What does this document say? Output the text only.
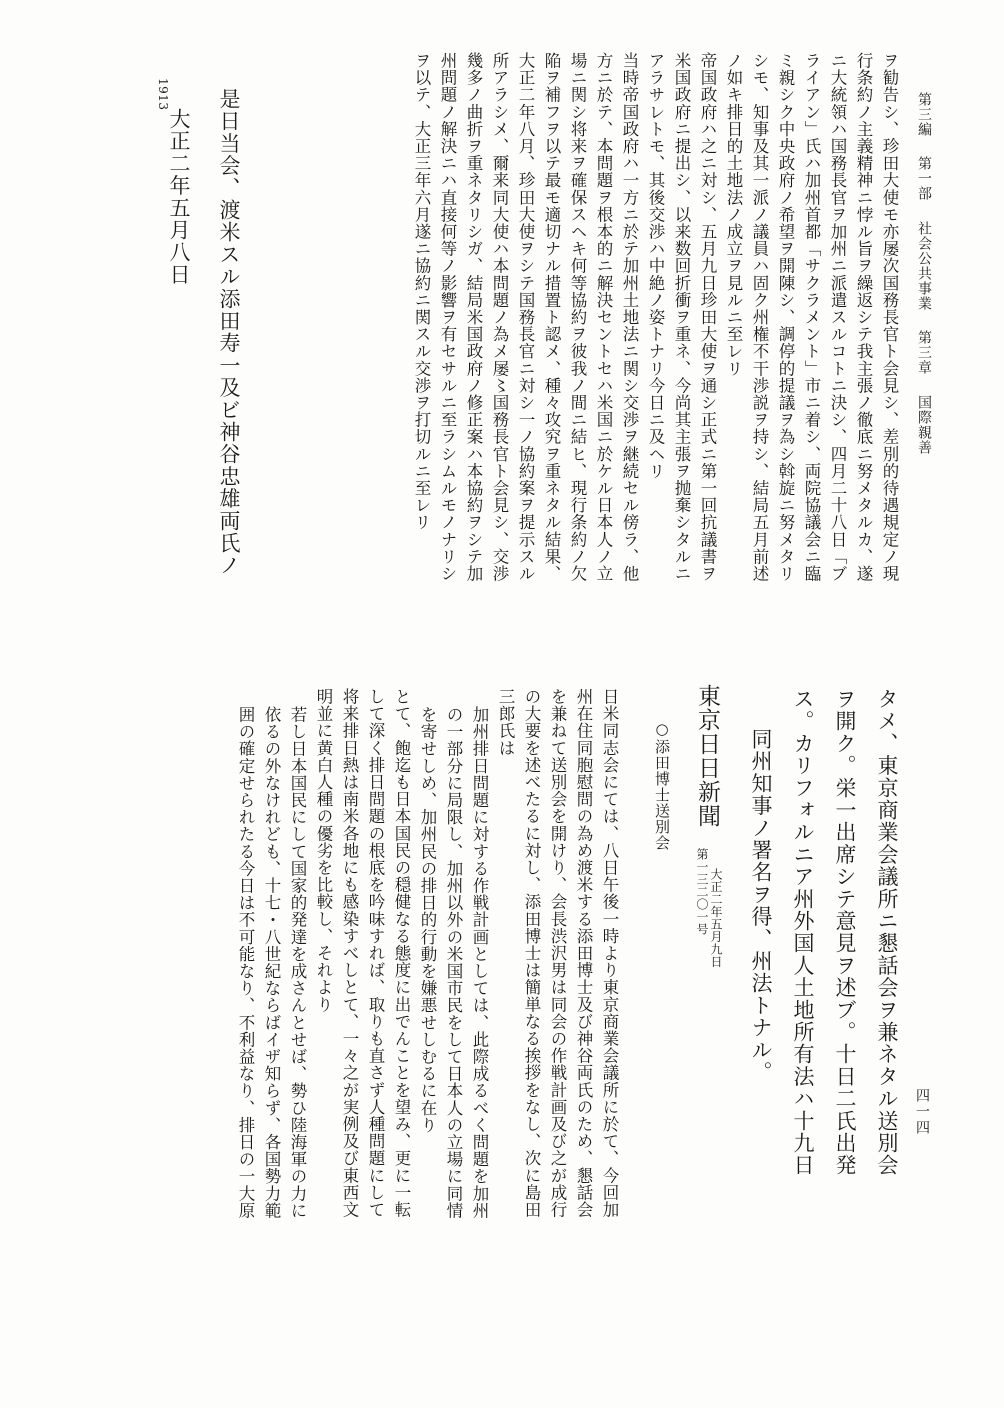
第三編 第一部 社会公共事業 第三章 国際親善
四一四
ヲ勧告シ、珍田大使モ亦屡次国務長官ト会見シ、差別的待遇規定ノ現
行条約ノ主義精神ニ悖ル旨ヲ繰返シテ我主張ノ徹底ニ努メタルカ、遂
ニ大統領ハ国務長官ヲ加州ニ派遣スルコトニ決シ、四月二十八日「ブ
ライアン」氏ハ加州首都「サクラメント」市ニ着シ、両院協議会ニ臨
ミ親シク中央政府ノ希望ヲ開陳シ、調停的提議ヲ為シ斡旋ニ努メタリ
シモ、知事及其一派ノ議員ハ固ク州権不干渉説ヲ持シ、結局五月前述
ノ如キ排日的土地法ノ成立ヲ見ルニ至レリ
帝国政府ハ之ニ対シ、五月九日珍田大使ヲ通シ正式ニ第一回抗議書ヲ
米国政府ニ提出シ、以来数回折衝ヲ重ネ、今尚其主張ヲ抛棄シタルニ
アラサレトモ、其後交渉ハ中絶ノ姿トナリ今日ニ及ヘリ
当時帝国政府ハ一方ニ於テ加州土地法ニ関シ交渉ヲ継続セル傍ラ、他
方ニ於テ、本問題ヲ根本的ニ解決セントセハ米国ニ於ケル日本人ノ立
場ニ関シ将来ヲ確保スヘキ何等協約ヲ彼我ノ間ニ結ヒ、現行条約ノ欠
陥ヲ補フヲ以テ最モ適切ナル措置ト認メ、種々攻究ヲ重ネタル結果、
大正二年八月、珍田大使ヲシテ国務長官ニ対シ一ノ協約案ヲ提示スル
所アラシメ、爾来同大使ハ本問題ノ為メ屡〻国務長官ト会見シ、交渉
幾多ノ曲折ヲ重ネタリシガ、結局米国政府ノ修正案ハ本協約ヲシテ加
州問題ノ解決ニハ直接何等ノ影響ヲ有セサルニ至ラシムルモノナリシ
ヲ以テ、大正三年六月遂ニ協約ニ関スル交渉ヲ打切ルニ至レリ
1913
大正二年五月八日 是日当会、渡米スル添田寿一及ビ神谷忠雄両氏ノ
タメ、東京商業会議所ニ懇話会ヲ兼ネタル送別会
ヲ開ク。栄一出席シテ意見ヲ述ブ。十日二氏出発
ス。カリフォルニア州外国人土地所有法ハ十九日
同州知事ノ署名ヲ得、州法トナル。
東京日日新聞
第一三二〇一号 大正二年五月九日
○添田博士送別会
日米同志会にては、八日午後一時より東京商業会議所に於て、今回加
州在住同胞慰問の為め渡米する添田博士及び神谷両氏のため、懇話会
を兼ねて送別会を開けり、会長渋沢男は同会の作戦計画及び之が成行
の大要を述べたるに対し、添田博士は簡単なる挨拶をなし、次に島田
三郎氏は
加州排日問題に対する作戦計画としては、此際成るべく問題を加州
の一部分に局限し、加州以外の米国市民をして日本人の立場に同情
を寄せしめ、加州民の排日的行動を嫌悪せしむるに在り
とて、飽迄も日本国民の穏健なる態度に出でんことを望み、更に一転
して深く排日問題の根底を吟味すれば、取りも直さず人種問題にして
将来排日熱は南米各地にも感染すべしとて、一々之が実例及び東西文
明並に黄白人種の優劣を比較し、それより
若し日本国民にして国家的発達を成さんとせば、勢ひ陸海軍の力に
依るの外なけれども、十七・八世紀ならばイザ知らず、各国勢力範
囲の確定せられたる今日は不可能なり、不利益なり、排日の一大原
